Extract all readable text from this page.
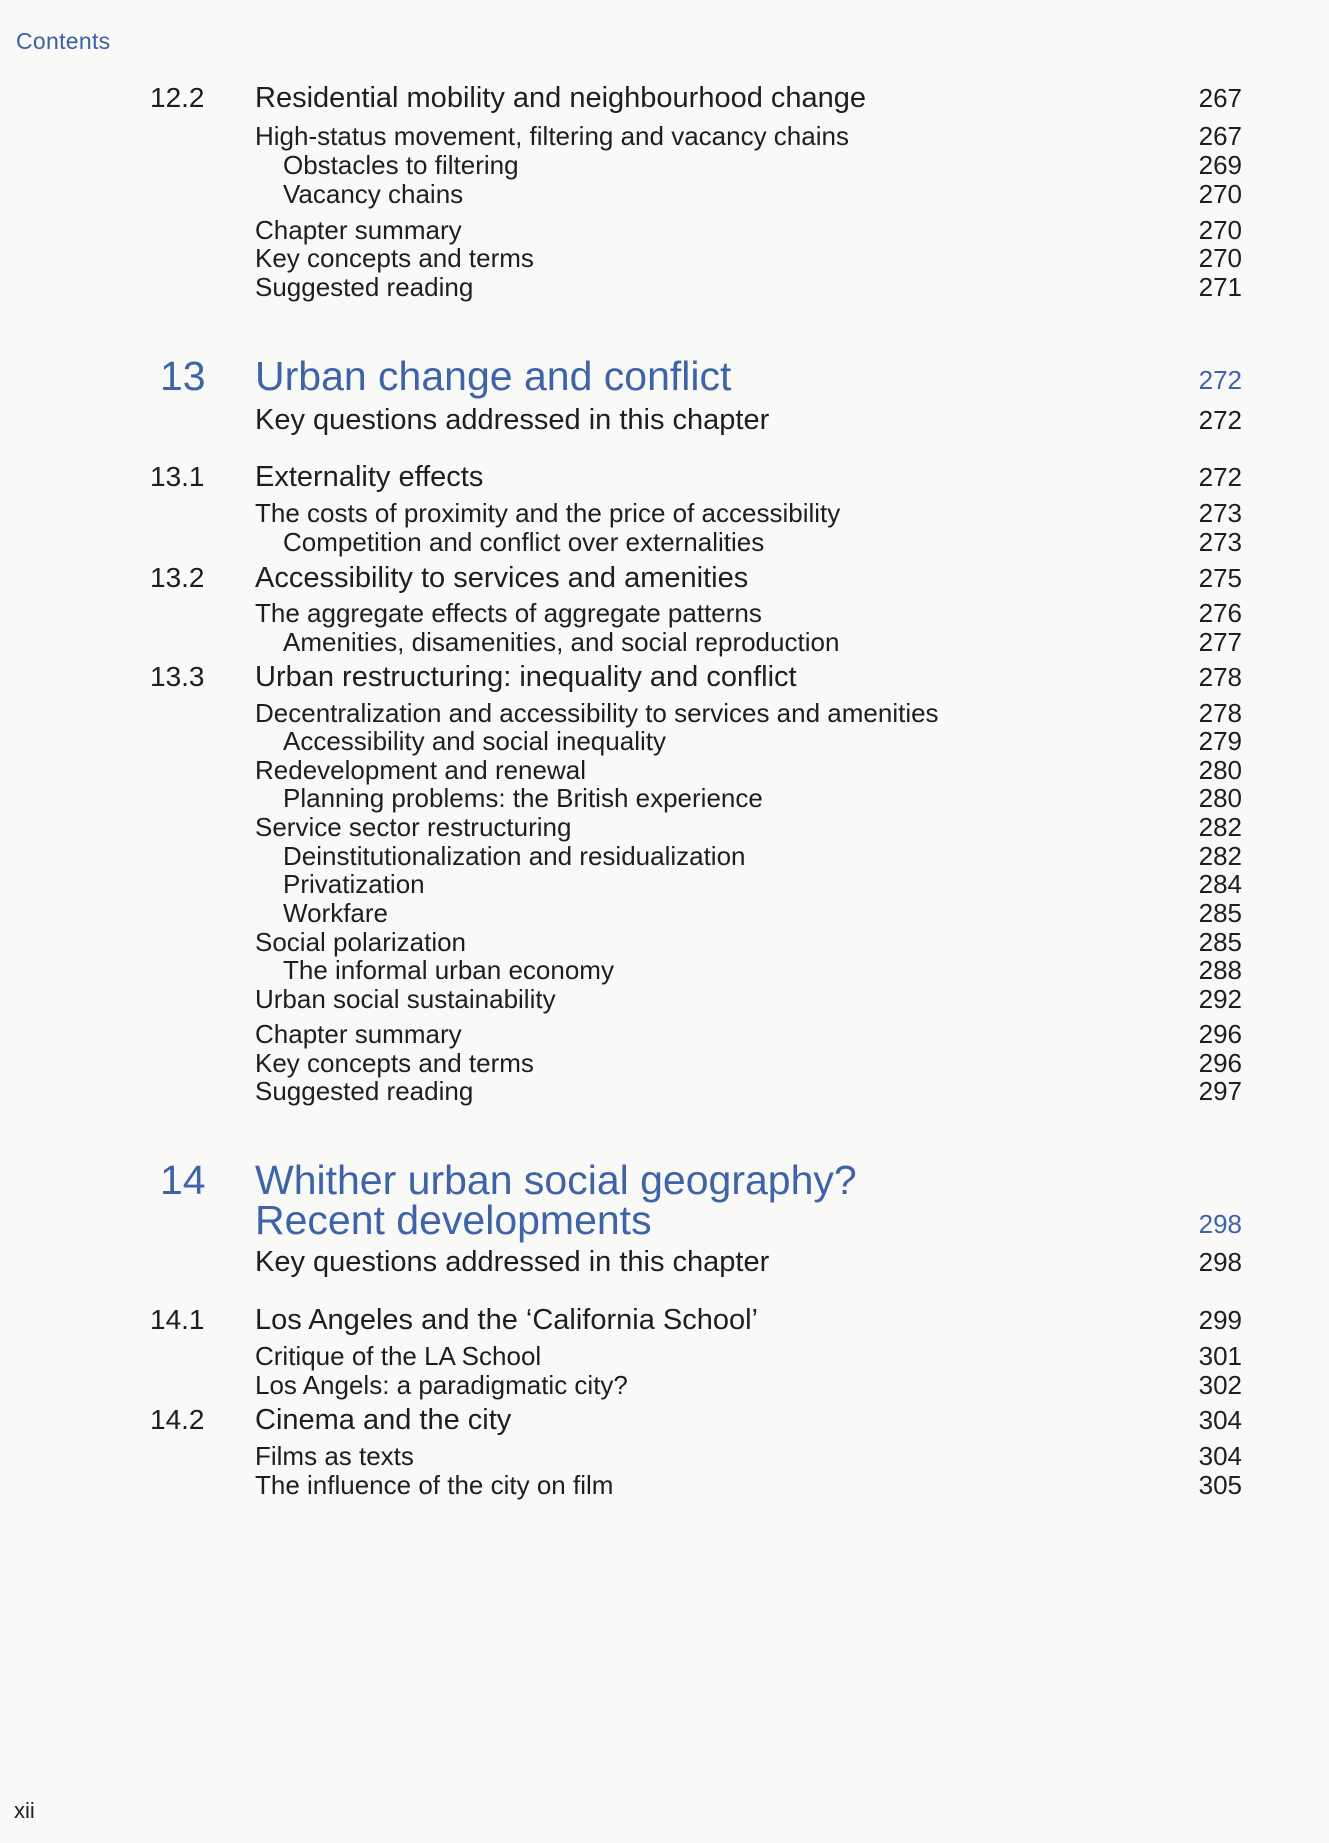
Contents
12.2 Residential mobility and neighbourhood change	267
High-status movement, filtering and vacancy chains	267
Obstacles to filtering	269
Vacancy chains	270
Chapter summary	270
Key concepts and terms	270
Suggested reading	271
13 Urban change and conflict	272
Key questions addressed in this chapter	272
13.1 Externality effects	272
The costs of proximity and the price of accessibility	273
Competition and conflict over externalities	273
13.2 Accessibility to services and amenities	275
The aggregate effects of aggregate patterns	276
Amenities, disamenities, and social reproduction	277
13.3 Urban restructuring: inequality and conflict	278
Decentralization and accessibility to services and amenities	278
Accessibility and social inequality	279
Redevelopment and renewal	280
Planning problems: the British experience	280
Service sector restructuring	282
Deinstitutionalization and residualization	282
Privatization	284
Workfare	285
Social polarization	285
The informal urban economy	288
Urban social sustainability	292
Chapter summary	296
Key concepts and terms	296
Suggested reading	297
14 Whither urban social geography?
Recent developments	298
Key questions addressed in this chapter	298
14.1 Los Angeles and the ‘California School’	299
Critique of the LA School	301
Los Angels: a paradigmatic city?	302
14.2 Cinema and the city	304
Films as texts	304
The influence of the city on film	305
xii
